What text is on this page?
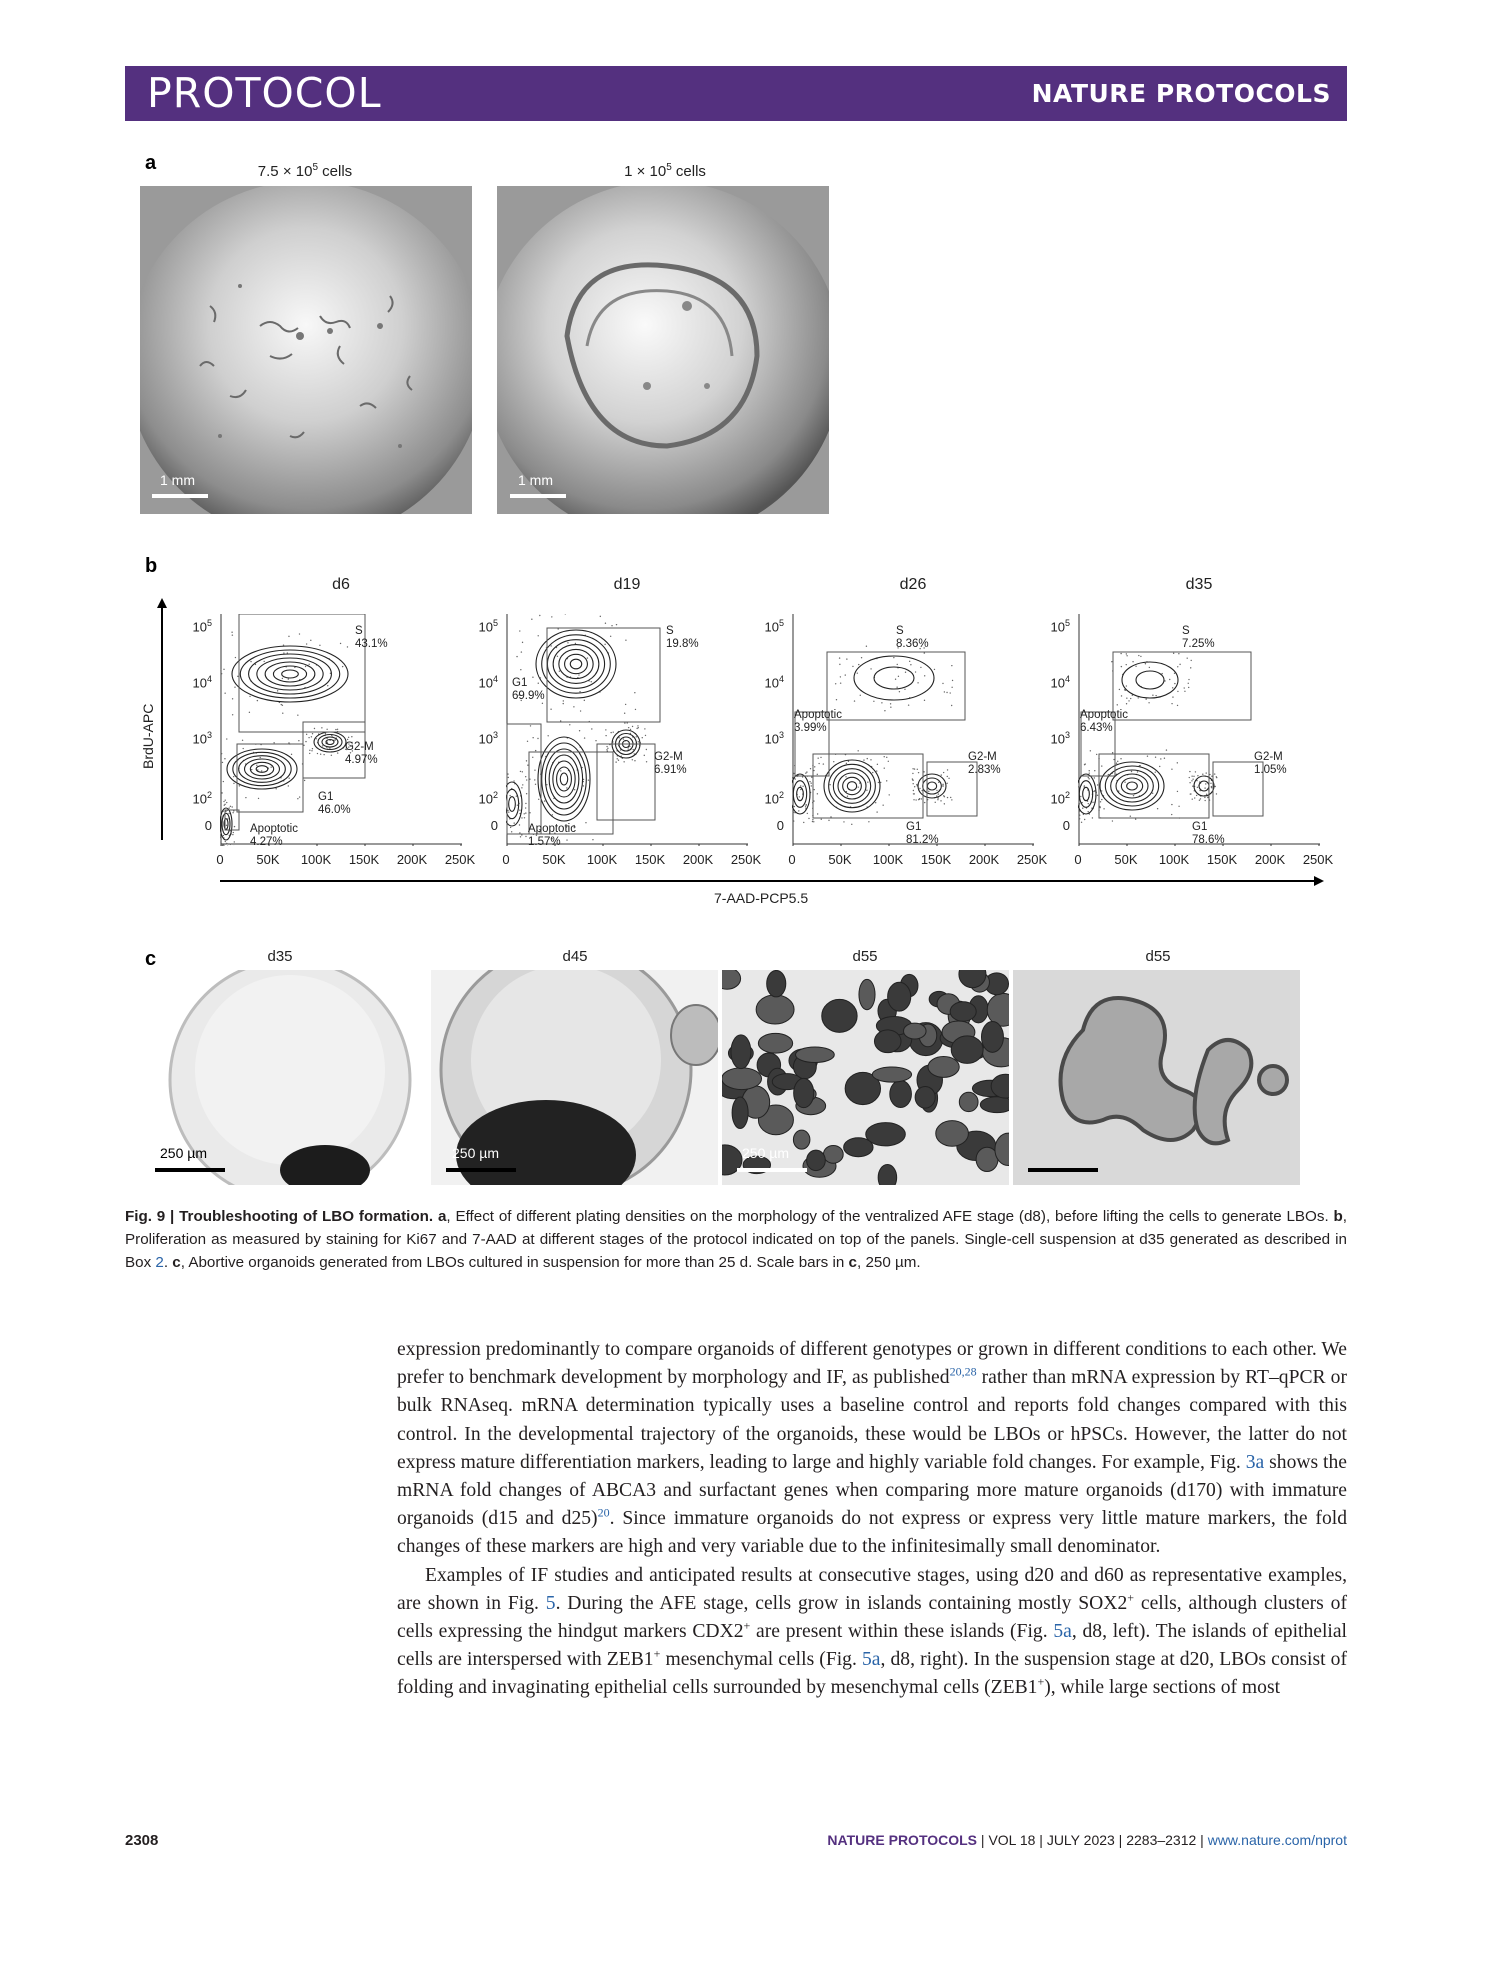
PROTOCOL	NATURE PROTOCOLS
a	$7.5 \times 10^5$ cells	$1 \times 10^5$ cells
1 mm	1 mm
b
BrdU-APC
7-AAD-PCP5.5
d6
$10^5$
$10^4$
$10^3$
$10^2$
0
0	50K	100K	150K	200K	250K
S
43.1%
G2-M
4.97%
G1
46.0%
Apoptotic
4.27%
d19
$10^5$
$10^4$
$10^3$
$10^2$
0
0	50K	100K	150K	200K	250K
S
19.8%
G1
69.9%
G2-M
6.91%
Apoptotic
1.57%
d26
$10^5$
$10^4$
$10^3$
$10^2$
0
0	50K	100K	150K	200K	250K
S
8.36%
Apoptotic
3.99%
G2-M
2.83%
G1
81.2%
d35
$10^5$
$10^4$
$10^3$
$10^2$
0
0	50K	100K	150K	200K	250K
S
7.25%
Apoptotic
6.43%
G2-M
1.05%
G1
78.6%
c	d35	d45	d55	d55
250 µm	250 µm	250 µm
Fig. 9 | Troubleshooting of LBO formation. a, Effect of different plating densities on the morphology of the ventralized AFE stage (d8), before lifting the cells to generate LBOs. b, Proliferation as measured by staining for Ki67 and 7-AAD at different stages of the protocol indicated on top of the panels. Single-cell suspension at d35 generated as described in Box 2. c, Abortive organoids generated from LBOs cultured in suspension for more than 25 d. Scale bars in c, 250 µm.

expression predominantly to compare organoids of different genotypes or grown in different conditions to each other. We prefer to benchmark development by morphology and IF, as published$^{20,28}$ rather than mRNA expression by RT–qPCR or bulk RNAseq. mRNA determination typically uses a baseline control and reports fold changes compared with this control. In the developmental trajectory of the organoids, these would be LBOs or hPSCs. However, the latter do not express mature differentiation markers, leading to large and highly variable fold changes. For example, Fig. 3a shows the mRNA fold changes of ABCA3 and surfactant genes when comparing more mature organoids (d170) with immature organoids (d15 and d25)$^{20}$. Since immature organoids do not express or express very little mature markers, the fold changes of these markers are high and very variable due to the infinitesimally small denominator.

Examples of IF studies and anticipated results at consecutive stages, using d20 and d60 as representative examples, are shown in Fig. 5. During the AFE stage, cells grow in islands containing mostly SOX2+ cells, although clusters of cells expressing the hindgut markers CDX2+ are present within these islands (Fig. 5a, d8, left). The islands of epithelial cells are interspersed with ZEB1+ mesenchymal cells (Fig. 5a, d8, right). In the suspension stage at d20, LBOs consist of folding and invaginating epithelial cells surrounded by mesenchymal cells (ZEB1+), while large sections of most

2308	NATURE PROTOCOLS | VOL 18 | JULY 2023 | 2283–2312 | www.nature.com/nprot
